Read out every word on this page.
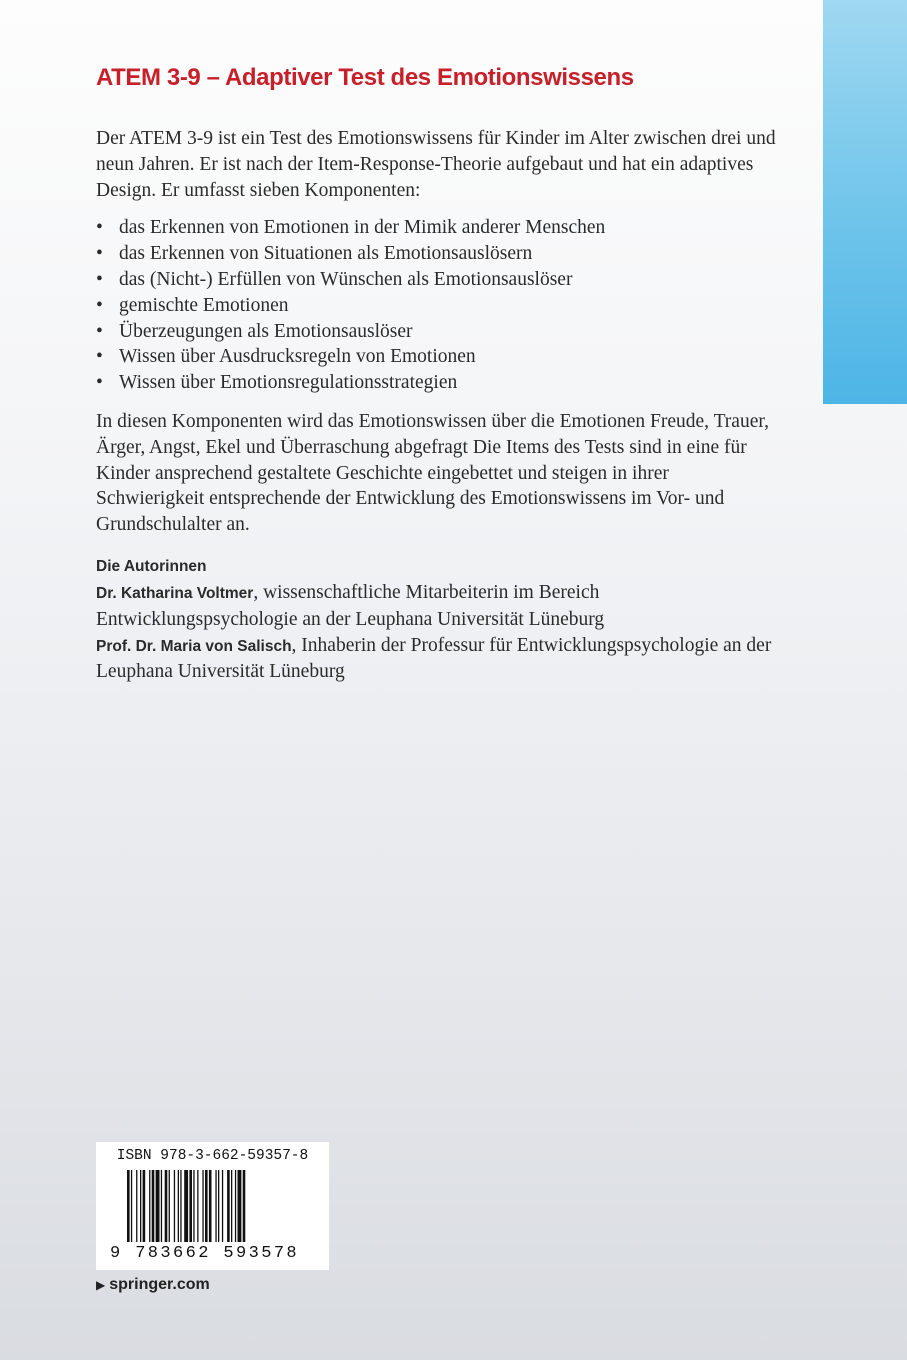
ATEM 3-9 – Adaptiver Test des Emotionswissens

Der ATEM 3-9 ist ein Test des Emotionswissens für Kinder im Alter zwischen drei und neun Jahren. Er ist nach der Item-Response-Theorie aufgebaut und hat ein adaptives Design. Er umfasst sieben Komponenten:

• das Erkennen von Emotionen in der Mimik anderer Menschen
• das Erkennen von Situationen als Emotionsauslösern
• das (Nicht-) Erfüllen von Wünschen als Emotionsauslöser
• gemischte Emotionen
• Überzeugungen als Emotionsauslöser
• Wissen über Ausdrucksregeln von Emotionen
• Wissen über Emotionsregulationsstrategien

In diesen Komponenten wird das Emotionswissen über die Emotionen Freude, Trauer, Ärger, Angst, Ekel und Überraschung abgefragt Die Items des Tests sind in eine für Kinder ansprechend gestaltete Geschichte eingebettet und steigen in ihrer Schwierigkeit entsprechende der Entwicklung des Emotionswissens im Vor- und Grundschulalter an.

Die Autorinnen

Dr. Katharina Voltmer, wissenschaftliche Mitarbeiterin im Bereich Entwicklungspsychologie an der Leuphana Universität Lüneburg

Prof. Dr. Maria von Salisch, Inhaberin der Professur für Entwicklungspsychologie an der Leuphana Universität Lüneburg

ISBN 978-3-662-59357-8
9 783662 593578
▶ springer.com
